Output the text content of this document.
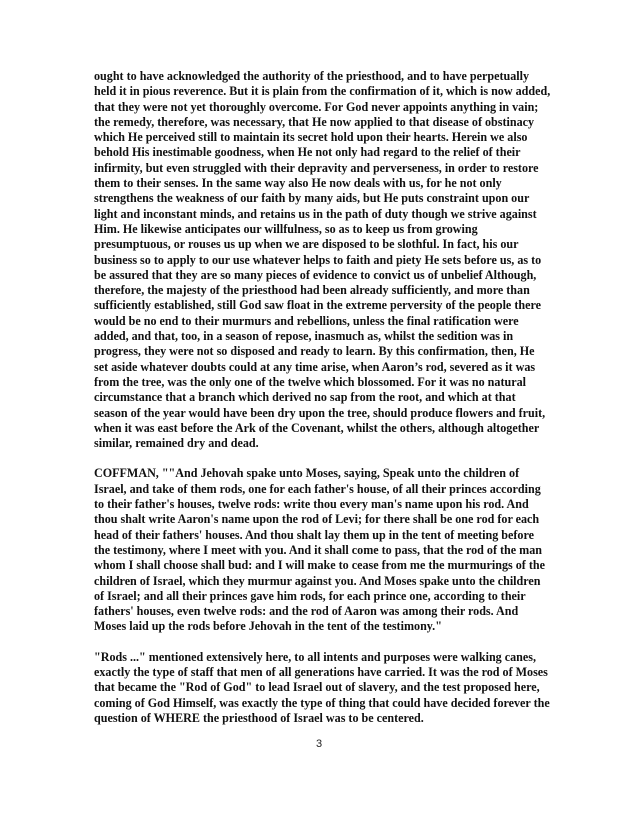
ought to have acknowledged the authority of the priesthood, and to have perpetually held it in pious reverence. But it is plain from the confirmation of it, which is now added, that they were not yet thoroughly overcome. For God never appoints anything in vain; the remedy, therefore, was necessary, that He now applied to that disease of obstinacy which He perceived still to maintain its secret hold upon their hearts. Herein we also behold His inestimable goodness, when He not only had regard to the relief of their infirmity, but even struggled with their depravity and perverseness, in order to restore them to their senses. In the same way also He now deals with us, for he not only strengthens the weakness of our faith by many aids, but He puts constraint upon our light and inconstant minds, and retains us in the path of duty though we strive against Him. He likewise anticipates our willfulness, so as to keep us from growing presumptuous, or rouses us up when we are disposed to be slothful. In fact, his our business so to apply to our use whatever helps to faith and piety He sets before us, as to be assured that they are so many pieces of evidence to convict us of unbelief Although, therefore, the majesty of the priesthood had been already sufficiently, and more than sufficiently established, still God saw float in the extreme perversity of the people there would be no end to their murmurs and rebellions, unless the final ratification were added, and that, too, in a season of repose, inasmuch as, whilst the sedition was in progress, they were not so disposed and ready to learn. By this confirmation, then, He set aside whatever doubts could at any time arise, when Aaron’s rod, severed as it was from the tree, was the only one of the twelve which blossomed. For it was no natural circumstance that a branch which derived no sap from the root, and which at that season of the year would have been dry upon the tree, should produce flowers and fruit, when it was east before the Ark of the Covenant, whilst the others, although altogether similar, remained dry and dead.

COFFMAN, ""And Jehovah spake unto Moses, saying, Speak unto the children of Israel, and take of them rods, one for each father's house, of all their princes according to their father's houses, twelve rods: write thou every man's name upon his rod. And thou shalt write Aaron's name upon the rod of Levi; for there shall be one rod for each head of their fathers' houses. And thou shalt lay them up in the tent of meeting before the testimony, where I meet with you. And it shall come to pass, that the rod of the man whom I shall choose shall bud: and I will make to cease from me the murmurings of the children of Israel, which they murmur against you. And Moses spake unto the children of Israel; and all their princes gave him rods, for each prince one, according to their fathers' houses, even twelve rods: and the rod of Aaron was among their rods. And Moses laid up the rods before Jehovah in the tent of the testimony."

"Rods ..." mentioned extensively here, to all intents and purposes were walking canes, exactly the type of staff that men of all generations have carried. It was the rod of Moses that became the "Rod of God" to lead Israel out of slavery, and the test proposed here, coming of God Himself, was exactly the type of thing that could have decided forever the question of WHERE the priesthood of Israel was to be centered.

3
